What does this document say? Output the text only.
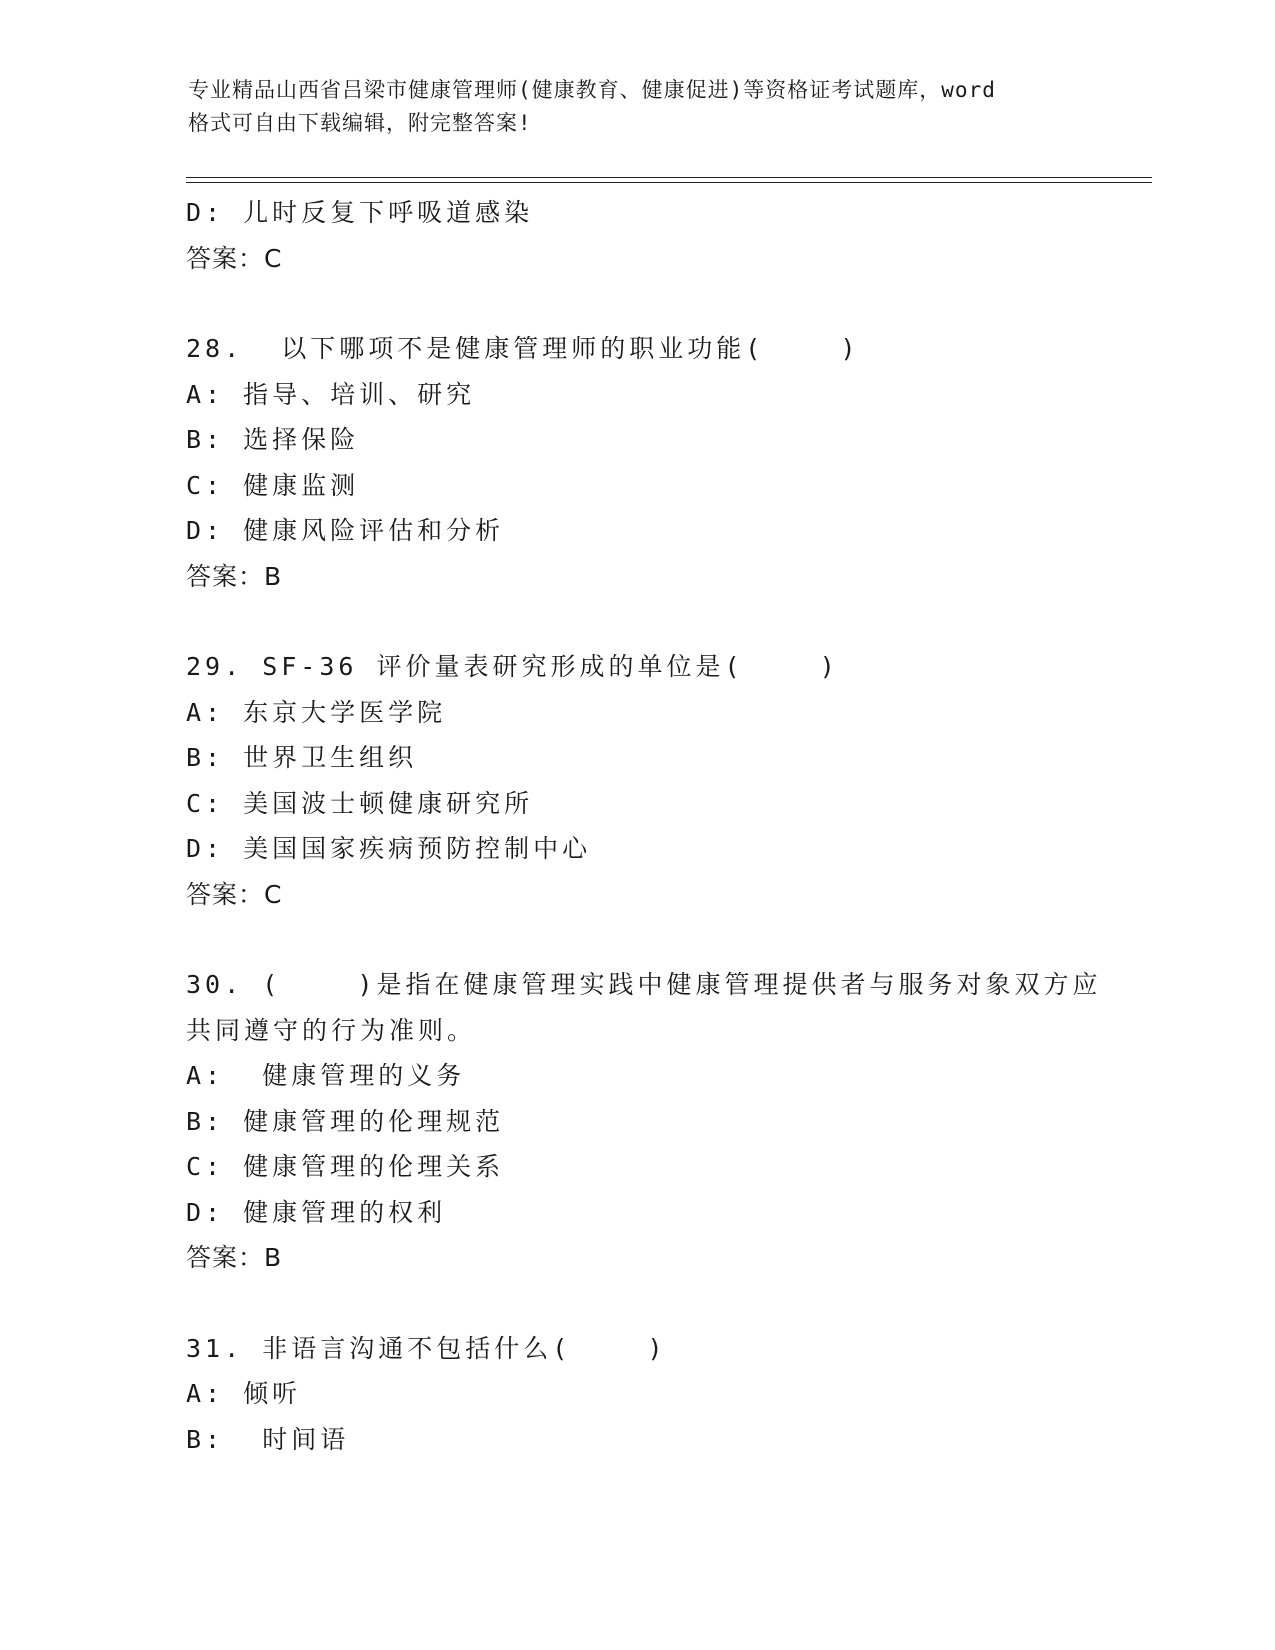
专业精品山西省吕梁市健康管理师(健康教育、健康促进)等资格证考试题库，word
格式可自由下载编辑，附完整答案!
D: 儿时反复下呼吸道感染
答案：C
28.  以下哪项不是健康管理师的职业功能(    )
A: 指导、培训、研究
B: 选择保险
C: 健康监测
D: 健康风险评估和分析
答案：B
29. SF-36 评价量表研究形成的单位是(    )
A: 东京大学医学院
B: 世界卫生组织
C: 美国波士顿健康研究所
D: 美国国家疾病预防控制中心
答案：C
30. (    )是指在健康管理实践中健康管理提供者与服务对象双方应
共同遵守的行为准则。
A:  健康管理的义务
B: 健康管理的伦理规范
C: 健康管理的伦理关系
D: 健康管理的权利
答案：B
31. 非语言沟通不包括什么(    )
A: 倾听
B:  时间语
